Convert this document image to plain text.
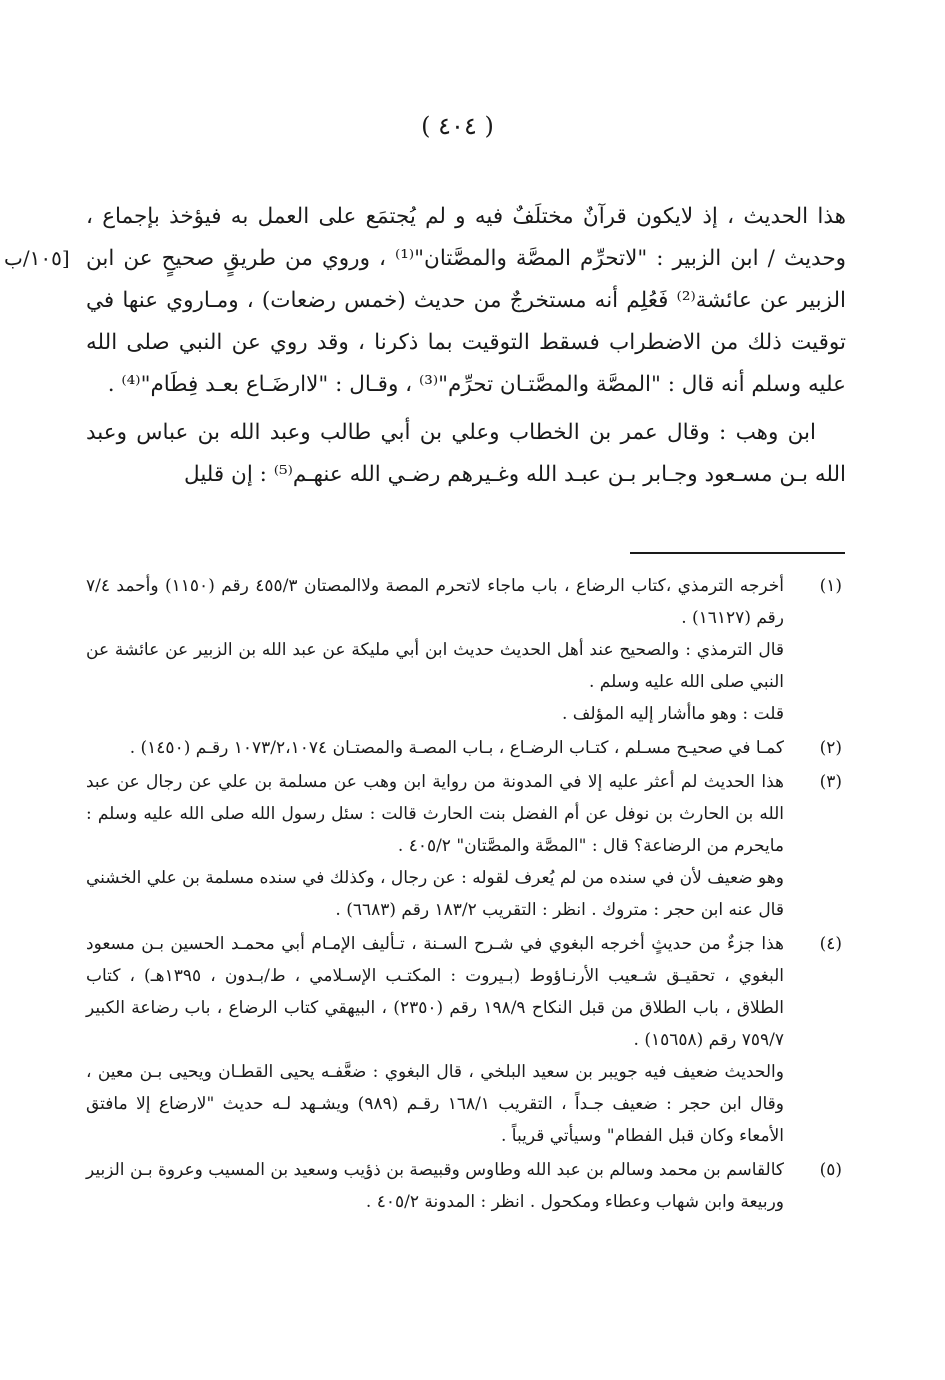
( ٤٠٤ )
[١٠٥/ب

هذا الحديث ، إذ لايكون قرآنٌ مختلَفٌ فيه و لم يُجتمَع على العمل به فيؤخذ بإجماع ، وحديث / ابن الزبير : "لاتحرِّم المصَّة والمصَّتان"⁽¹⁾ ، وروي من طريقٍ صحيحٍ عن ابن الزبير عن عائشة⁽²⁾ فَعُلِم أنه مستخرجٌ من حديث (خمس رضعات) ، ومـاروي عنها في توقيت ذلك من الاضطراب فسقط التوقيت بما ذكرنا ، وقد روي عن النبي صلى الله عليه وسلم أنه قال : "المصَّة والمصَّتـان تحرِّم"⁽³⁾ ، وقـال : "لاارضَـاع بعـد فِطَام"⁽⁴⁾ .

ابن وهب : وقال عمر بن الخطاب وعلي بن أبي طالب وعبد الله بن عباس وعبد الله بـن مسـعود وجـابر بـن عبـد الله وغـيرهم رضـي الله عنهـم⁽⁵⁾ : إن قليل

(١)

أخرجه الترمذي ،كتاب الرضاع ، باب ماجاء لاتحرم المصة ولاالمصتان ٤٥٥/٣ رقم (١١٥٠) وأحمد ٧/٤ رقم (١٦١٢٧) .

قال الترمذي : والصحيح عند أهل الحديث حديث ابن أبي مليكة عن عبد الله بن الزبير عن عائشة عن النبي صلى الله عليه وسلم .

قلت : وهو ماأشار إليه المؤلف .

(٢)

كمـا في صحيـح مسـلم ، كتـاب الرضـاع ، بـاب المصـة والمصتـان ١٠٧٣/٢،١٠٧٤ رقـم (١٤٥٠) .

(٣)

هذا الحديث لم أعثر عليه إلا في المدونة من رواية ابن وهب عن مسلمة بن علي عن رجال عن عبد الله بن الحارث بن نوفل عن أم الفضل بنت الحارث قالت : سئل رسول الله صلى الله عليه وسلم : مايحرم من الرضاعة؟ قال : "المصَّة والمصَّتان" ٤٠٥/٢ .

وهو ضعيف لأن في سنده من لم يُعرف لقوله : عن رجال ، وكذلك في سنده مسلمة بن علي الخشني قال عنه ابن حجر : متروك . انظر : التقريب ١٨٣/٢ رقم (٦٦٨٣) .

(٤)

هذا جزءٌ من حديثٍ أخرجه البغوي في شـرح السـنة ، تـأليف الإمـام أبي محمـد الحسين بـن مسعود البغوي ، تحقيـق شـعيب الأرنـاؤوط (بـيروت : المكتـب الإسـلامي ، ط/بـدون ، ١٣٩٥هـ) ، كتاب الطلاق ، باب الطلاق من قبل النكاح ١٩٨/٩ رقم (٢٣٥٠) ، البيهقي كتاب الرضاع ، باب رضاعة الكبير ٧٥٩/٧ رقم (١٥٦٥٨) .

والحديث ضعيف فيه جويبر بن سعيد البلخي ، قال البغوي : ضعَّفـه يحيى القطـان ويحيى بـن معين ، وقال ابن حجر : ضعيف جـداً ، التقريب ١٦٨/١ رقـم (٩٨٩) ويشـهد لـه حديث "لارضاع إلا مافتق الأمعاء وكان قبل الفطام" وسيأتي قريباً .

(٥)

كالقاسم بن محمد وسالم بن عبد الله وطاوس وقبيصة بن ذؤيب وسعيد بن المسيب وعروة بـن الزبير وربيعة وابن شهاب وعطاء ومكحول . انظر : المدونة ٤٠٥/٢ .
